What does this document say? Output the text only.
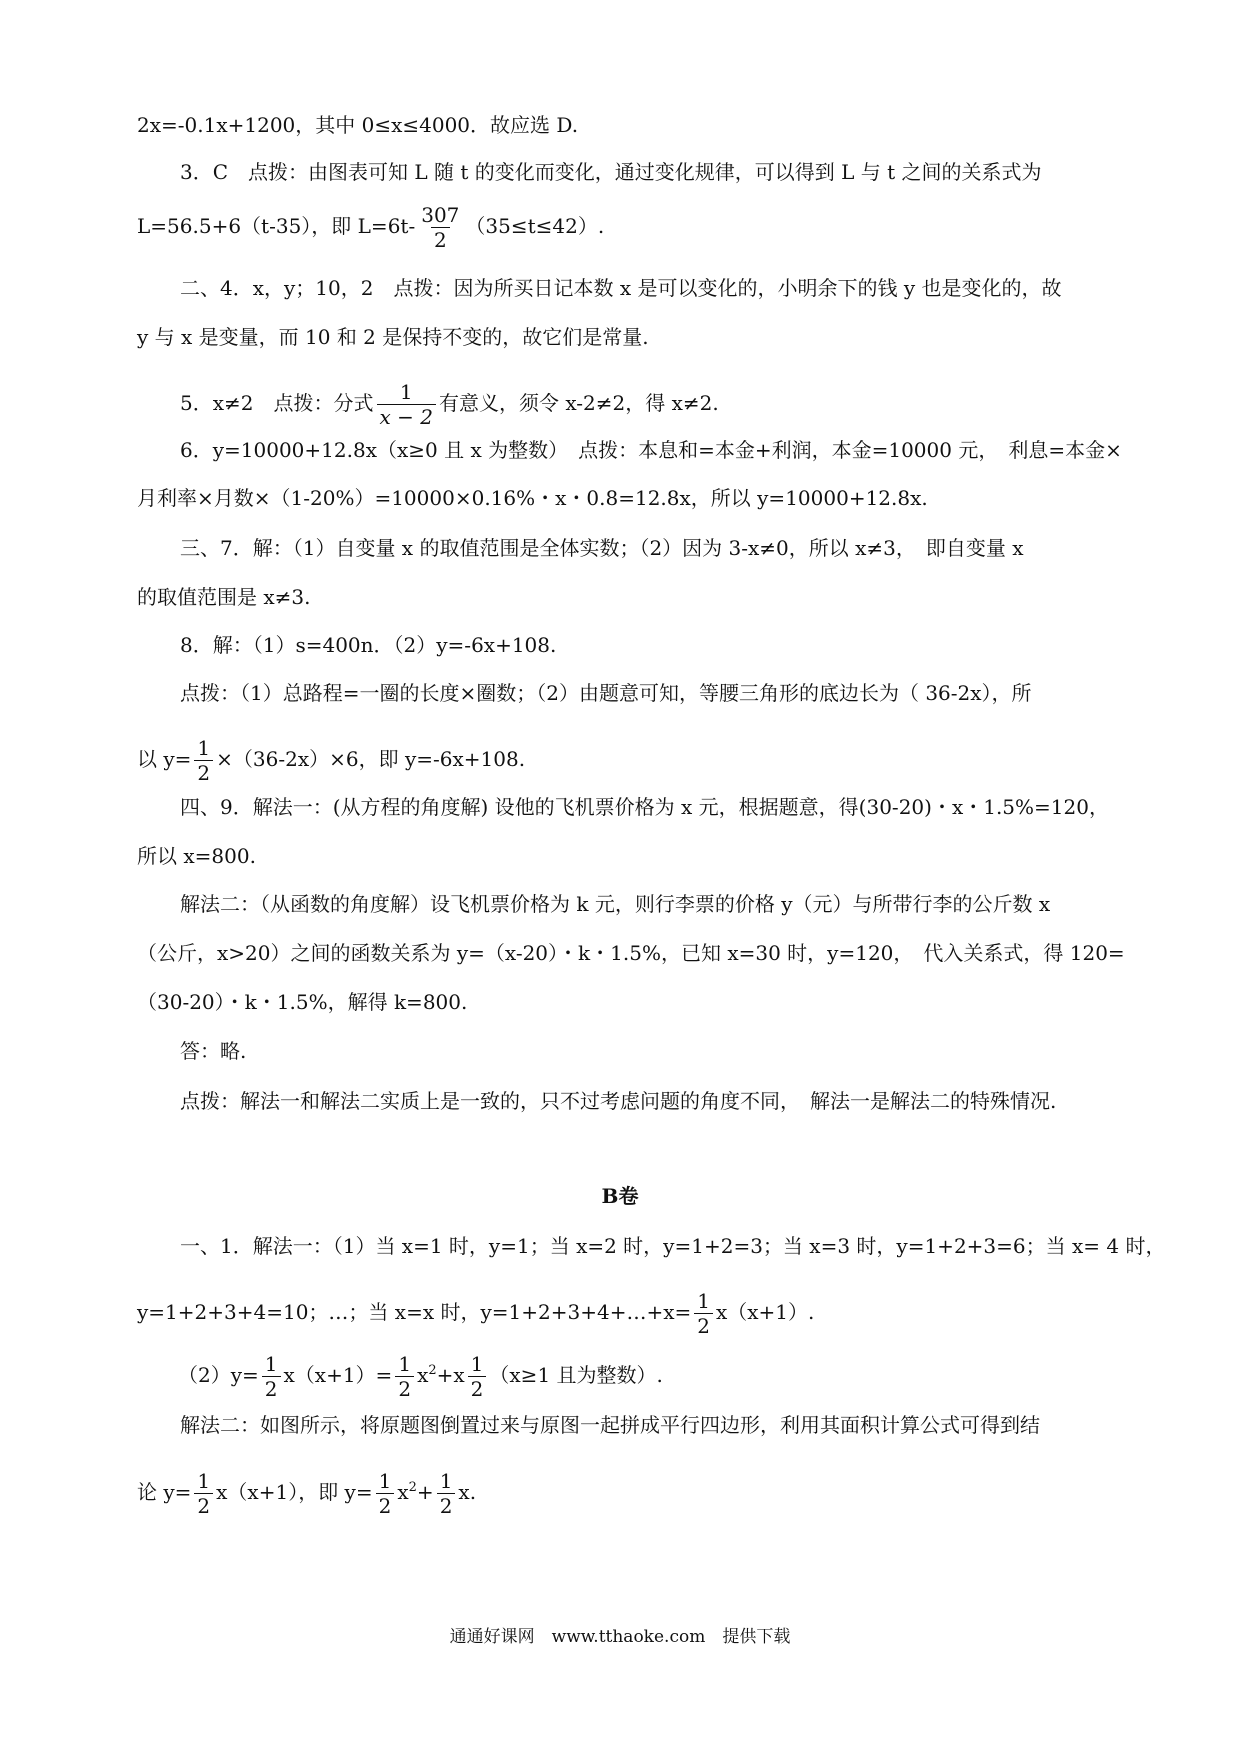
2x=-0.1x+1200，其中 0≤x≤4000．故应选 D.
3．C　点拨：由图表可知 L 随 t 的变化而变化，通过变化规律，可以得到 L 与 t 之间的关系式为
L=56.5+6（t-35），即 $L=6t- \frac{307}{2} (35\le t\le 42)$.
二、4．x，y；10，2　点拨：因为所买日记本数 x 是可以变化的，小明余下的钱 y 也是变化的，故
y 与 x 是变量，而 10 和 2 是保持不变的，故它们是常量.
5．x≠2　点拨：分式 $\frac{1}{x - 2}$ 有意义，须令 x-2≠2，得 x≠2.
6．y=10000+12.8x（x≥0 且 x 为整数）　点拨：本息和=本金+利润，本金=10000 元，　利息=本金×
月利率×月数×（1-20%）=10000×0.16%・x・0.8=12.8x，所以 y=10000+12.8x.
三、7．解：（1）自变量 x 的取值范围是全体实数；（2）因为 3-x≠0，所以 x≠3，　即自变量 x
的取值范围是 x≠3.
8．解：（1）s=400n．（2）y=-6x+108.
点拨：（1）总路程=一圈的长度×圈数；（2）由题意可知，等腰三角形的底边长为（ 36-2x），所
以 $y= \frac{1}{2} \times(36-2x)\times 6$，即 y=-6x+108.
四、9．解法一：(从方程的角度解) 设他的飞机票价格为 x 元，根据题意，得(30-20)・x・1.5%=120，
所以 x=800.
解法二：（从函数的角度解）设飞机票价格为 k 元，则行李票的价格 y（元）与所带行李的公斤数 x
（公斤，x>20）之间的函数关系为 y=（x-20）・k・1.5%，已知 x=30 时，y=120，　代入关系式，得 120=
（30-20）・k・1.5%，解得 k=800.
答：略.
点拨：解法一和解法二实质上是一致的，只不过考虑问题的角度不同，　解法一是解法二的特殊情况.
B卷
一、1．解法一：（1）当 x=1 时，y=1；当 x=2 时，y=1+2=3；当 x=3 时，y=1+2+3=6；当 x= 4 时，
y=1+2+3+4=10；…；当 x=x 时，y=1+2+3+4+…+x= $\frac{1}{2} x(x+1)$.
$(2)y= \frac{1}{2} x(x+1)= \frac{1}{2} x^2+x \frac{1}{2} (x\ge 1$ 且为整数）.
解法二：如图所示，将原题图倒置过来与原图一起拼成平行四边形，利用其面积计算公式可得到结
论 $y= \frac{1}{2} x(x+1)$，即 $y= \frac{1}{2} x^2+ \frac{1}{2} x$.
通通好课网　www.tthaoke.com　提供下载
